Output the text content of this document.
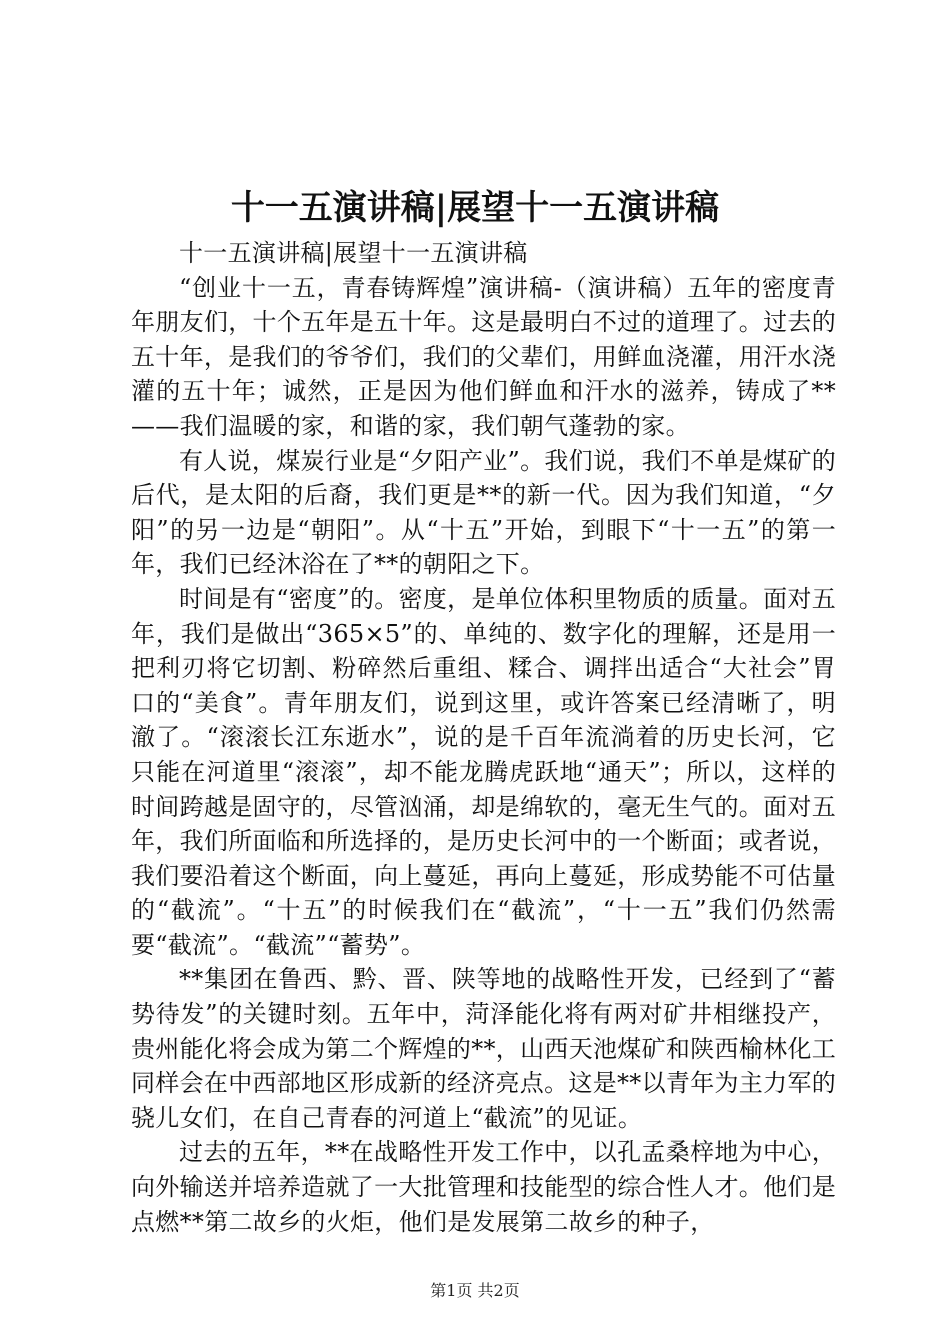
十一五演讲稿|展望十一五演讲稿

十一五演讲稿|展望十一五演讲稿

“创业十一五，青春铸辉煌”演讲稿-（演讲稿）五年的密度青年朋友们，十个五年是五十年。这是最明白不过的道理了。过去的五十年，是我们的爷爷们，我们的父辈们，用鲜血浇灌，用汗水浇灌的五十年；诚然，正是因为他们鲜血和汗水的滋养，铸成了**——我们温暖的家，和谐的家，我们朝气蓬勃的家。

有人说，煤炭行业是“夕阳产业”。我们说，我们不单是煤矿的后代，是太阳的后裔，我们更是**的新一代。因为我们知道，“夕阳”的另一边是“朝阳”。从“十五”开始，到眼下“十一五”的第一年，我们已经沐浴在了**的朝阳之下。

时间是有“密度”的。密度，是单位体积里物质的质量。面对五年，我们是做出“365×5”的、单纯的、数字化的理解，还是用一把利刃将它切割、粉碎然后重组、糅合、调拌出适合“大社会”胃口的“美食”。青年朋友们，说到这里，或许答案已经清晰了，明澈了。“滚滚长江东逝水”，说的是千百年流淌着的历史长河，它只能在河道里“滚滚”，却不能龙腾虎跃地“通天”；所以，这样的时间跨越是固守的，尽管汹涌，却是绵软的，毫无生气的。面对五年，我们所面临和所选择的，是历史长河中的一个断面；或者说，我们要沿着这个断面，向上蔓延，再向上蔓延，形成势能不可估量的“截流”。“十五”的时候我们在“截流”，“十一五”我们仍然需要“截流”。“截流”“蓄势”。

**集团在鲁西、黔、晋、陕等地的战略性开发，已经到了“蓄势待发”的关键时刻。五年中，菏泽能化将有两对矿井相继投产，贵州能化将会成为第二个辉煌的**，山西天池煤矿和陕西榆林化工同样会在中西部地区形成新的经济亮点。这是**以青年为主力军的骁儿女们，在自己青春的河道上“截流”的见证。

过去的五年，**在战略性开发工作中，以孔孟桑梓地为中心，向外输送并培养造就了一大批管理和技能型的综合性人才。他们是点燃**第二故乡的火炬，他们是发展第二故乡的种子，

第1页 共2页
